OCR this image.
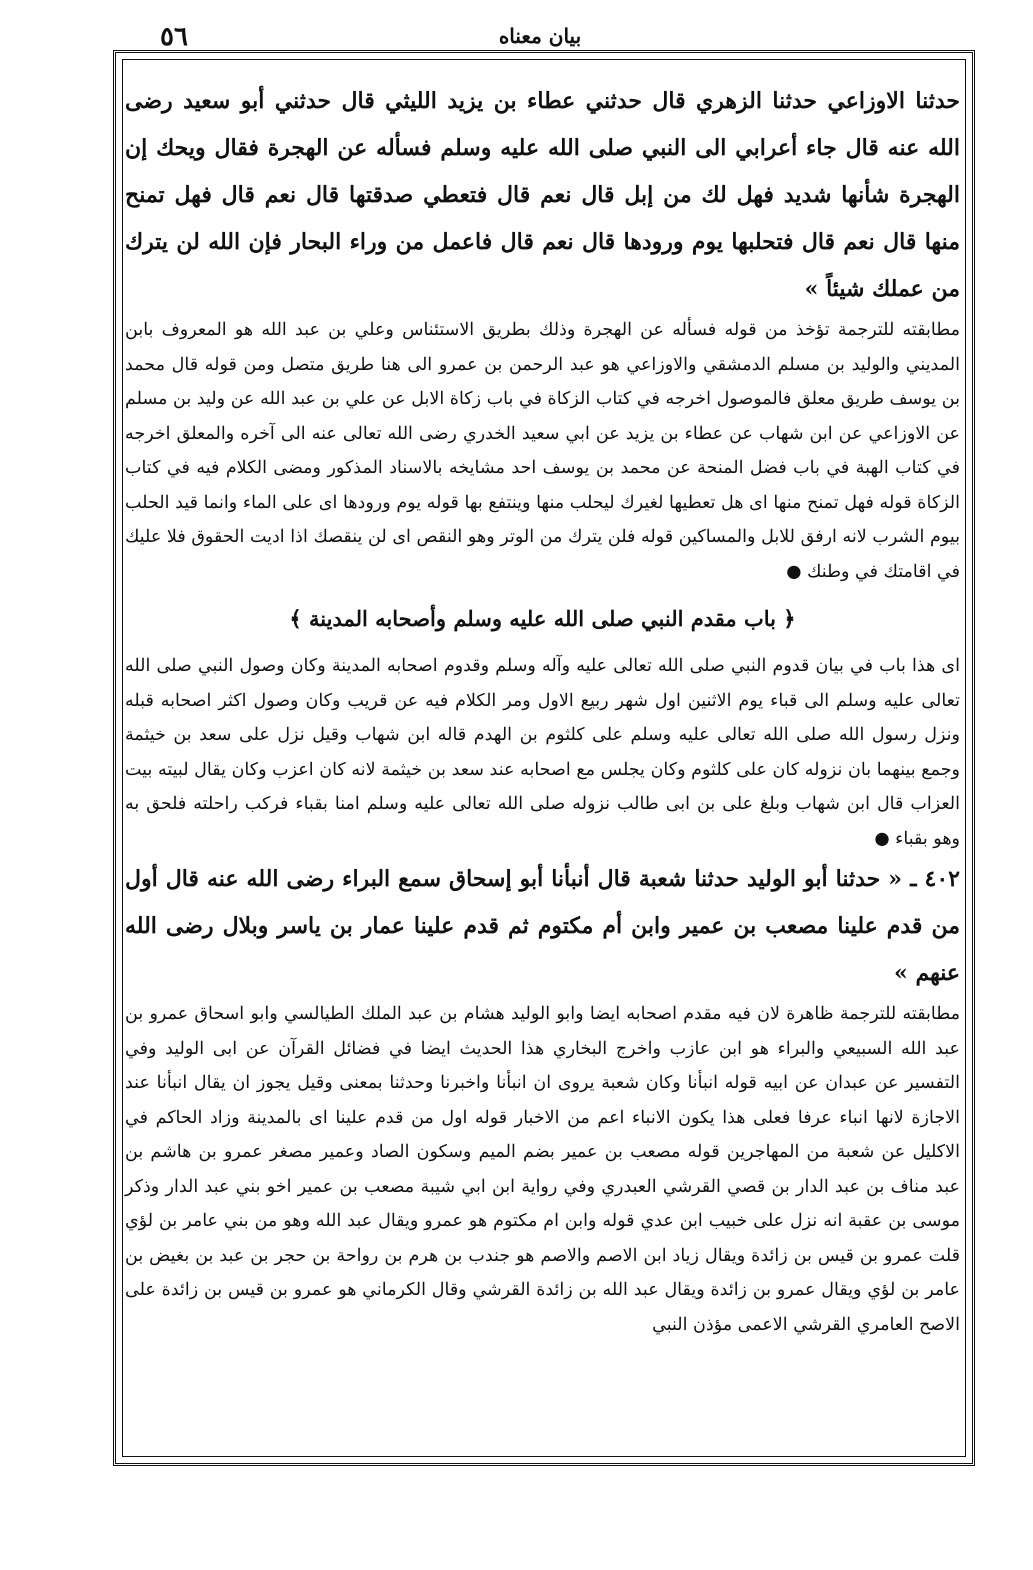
٥٦	بيان معناه

حدثنا الاوزاعي حدثنا الزهري قال حدثني عطاء بن يزيد الليثي قال حدثني أبو سعيد رضى الله عنه قال جاء أعرابي الى النبي صلى الله عليه وسلم فسأله عن الهجرة فقال ويحك إن الهجرة شأنها شديد فهل لك من إبل قال نعم قال فتعطي صدقتها قال نعم قال فهل تمنح منها قال نعم قال فتحلبها يوم ورودها قال نعم قال فاعمل من وراء البحار فإن الله لن يترك من عملك شيئاً »

مطابقته للترجمة تؤخذ من قوله فسأله عن الهجرة وذلك بطريق الاستئناس وعلي بن عبد الله هو المعروف بابن المديني والوليد بن مسلم الدمشقي والاوزاعي هو عبد الرحمن بن عمرو الى هنا طريق متصل ومن قوله قال محمد بن يوسف طريق معلق فالموصول اخرجه في كتاب الزكاة في باب زكاة الابل عن علي بن عبد الله عن وليد بن مسلم عن الاوزاعي عن ابن شهاب عن عطاء بن يزيد عن ابي سعيد الخدري رضى الله تعالى عنه الى آخره والمعلق اخرجه في كتاب الهبة في باب فضل المنحة عن محمد بن يوسف احد مشايخه بالاسناد المذكور ومضى الكلام فيه في كتاب الزكاة قوله فهل تمنح منها اى هل تعطيها لغيرك ليحلب منها وينتفع بها قوله يوم ورودها اى على الماء وانما قيد الحلب بيوم الشرب لانه ارفق للابل والمساكين قوله فلن يترك من الوتر وهو النقص اى لن ينقصك اذا اديت الحقوق فلا عليك في اقامتك في وطنك ●

﴿ باب مقدم النبي صلى الله عليه وسلم وأصحابه المدينة ﴾

اى هذا باب في بيان قدوم النبي صلى الله تعالى عليه وآله وسلم وقدوم اصحابه المدينة وكان وصول النبي صلى الله تعالى عليه وسلم الى قباء يوم الاثنين اول شهر ربيع الاول ومر الكلام فيه عن قريب وكان وصول اكثر اصحابه قبله ونزل رسول الله صلى الله تعالى عليه وسلم على كلثوم بن الهدم قاله ابن شهاب وقيل نزل على سعد بن خيثمة وجمع بينهما بان نزوله كان على كلثوم وكان يجلس مع اصحابه عند سعد بن خيثمة لانه كان اعزب وكان يقال لبيته بيت العزاب قال ابن شهاب وبلغ على بن ابى طالب نزوله صلى الله تعالى عليه وسلم امنا بقباء فركب راحلته فلحق به وهو بقباء ●

٤٠٢ ـ « حدثنا أبو الوليد حدثنا شعبة قال أنبأنا أبو إسحاق سمع البراء رضى الله عنه قال أول من قدم علينا مصعب بن عمير وابن أم مكتوم ثم قدم علينا عمار بن ياسر وبلال رضى الله عنهم »

مطابقته للترجمة ظاهرة لان فيه مقدم اصحابه ايضا وابو الوليد هشام بن عبد الملك الطيالسي وابو اسحاق عمرو بن عبد الله السبيعي والبراء هو ابن عازب واخرج البخاري هذا الحديث ايضا في فضائل القرآن عن ابى الوليد وفي التفسير عن عبدان عن ابيه قوله انبأنا وكان شعبة يروى ان انبأنا واخبرنا وحدثنا بمعنى وقيل يجوز ان يقال انبأنا عند الاجازة لانها انباء عرفا فعلى هذا يكون الانباء اعم من الاخبار قوله اول من قدم علينا اى بالمدينة وزاد الحاكم في الاكليل عن شعبة من المهاجرين قوله مصعب بن عمير بضم الميم وسكون الصاد وعمير مصغر عمرو بن هاشم بن عبد مناف بن عبد الدار بن قصي القرشي العبدري وفي رواية ابن ابي شيبة مصعب بن عمير اخو بني عبد الدار وذكر موسى بن عقبة انه نزل على خبيب ابن عدي قوله وابن ام مكتوم هو عمرو ويقال عبد الله وهو من بني عامر بن لؤي قلت عمرو بن قيس بن زائدة ويقال زياد ابن الاصم والاصم هو جندب بن هرم بن رواحة بن حجر بن عبد بن بغيض بن عامر بن لؤي ويقال عمرو بن زائدة ويقال عبد الله بن زائدة القرشي وقال الكرماني هو عمرو بن قيس بن زائدة على الاصح العامري القرشي الاعمى مؤذن النبي
